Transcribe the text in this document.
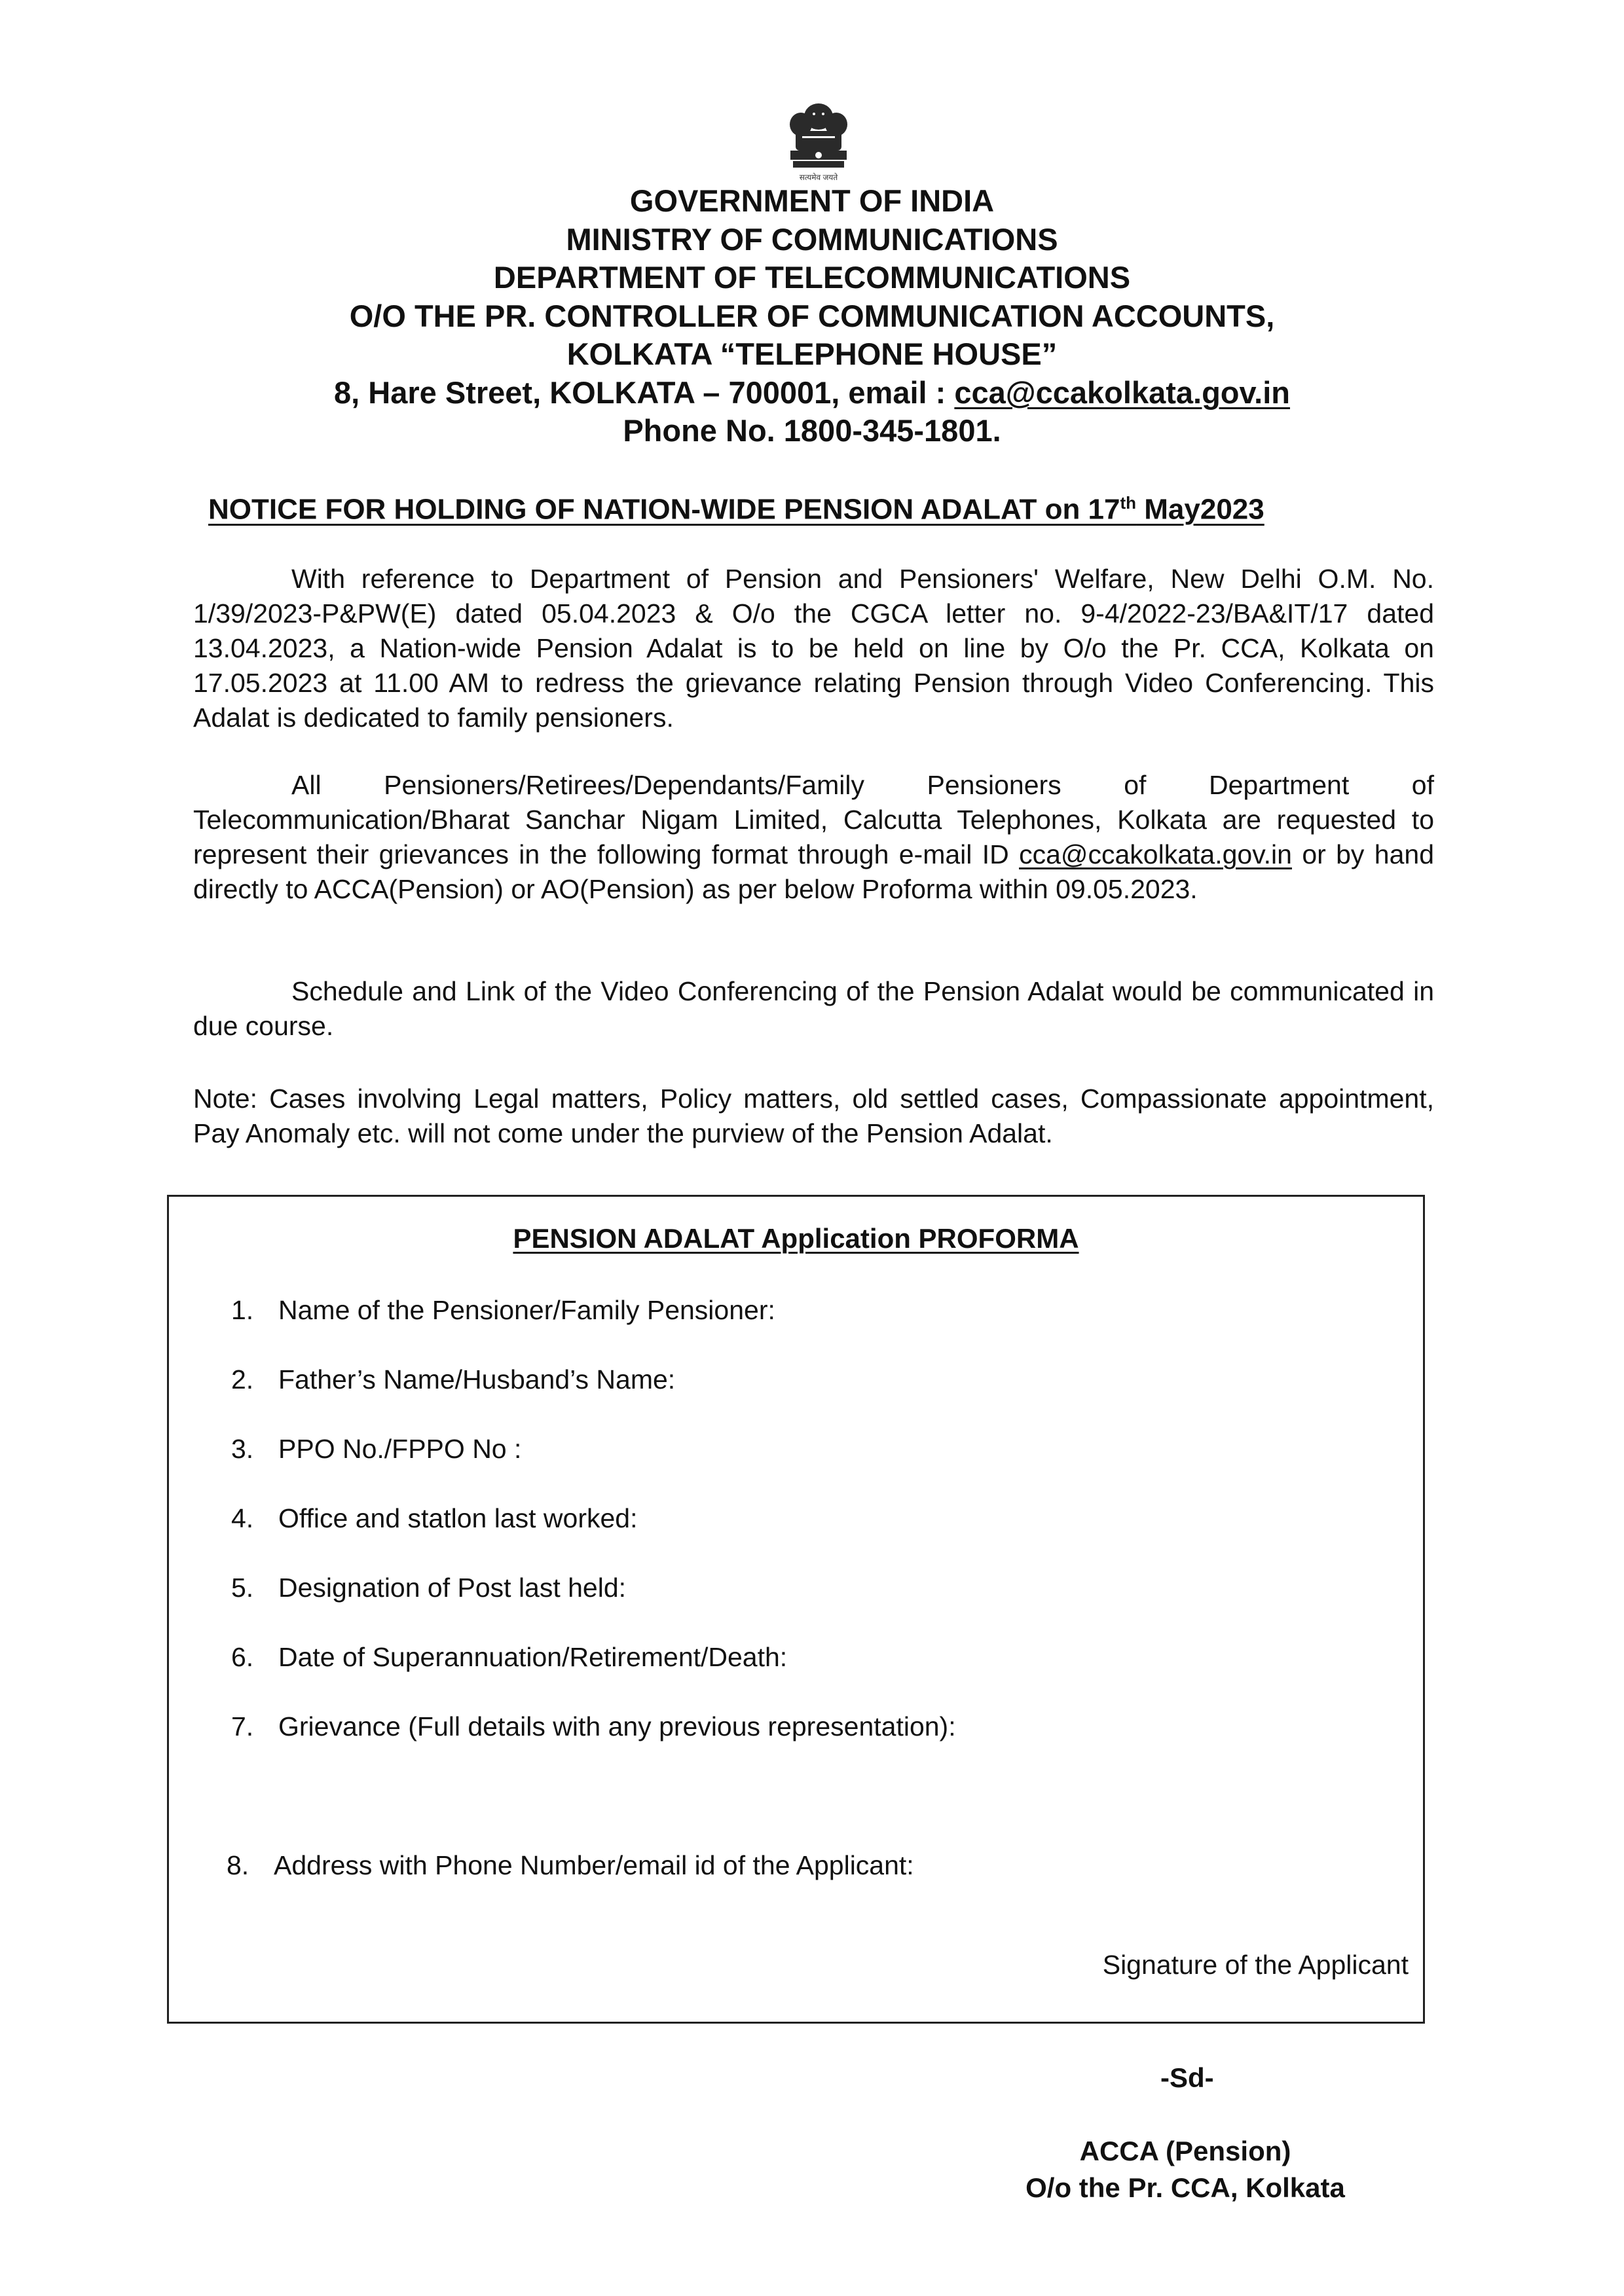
सत्यमेव जयते
GOVERNMENT OF INDIA
MINISTRY OF COMMUNICATIONS
DEPARTMENT OF TELECOMMUNICATIONS
O/O THE PR. CONTROLLER OF COMMUNICATION ACCOUNTS,
KOLKATA “TELEPHONE HOUSE”
8, Hare Street, KOLKATA – 700001, email : cca@ccakolkata.gov.in
Phone No. 1800-345-1801.
NOTICE FOR HOLDING OF NATION-WIDE PENSION ADALAT on 17th May2023
With reference to Department of Pension and Pensioners' Welfare, New Delhi O.M. No. 1/39/2023-P&PW(E) dated 05.04.2023 & O/o the CGCA letter no. 9-4/2022-23/BA&IT/17 dated 13.04.2023, a Nation-wide Pension Adalat is to be held on line by O/o the Pr. CCA, Kolkata on 17.05.2023 at 11.00 AM to redress the grievance relating Pension through Video Conferencing. This Adalat is dedicated to family pensioners.
All Pensioners/Retirees/Dependants/Family Pensioners of Department of Telecommunication/Bharat Sanchar Nigam Limited, Calcutta Telephones, Kolkata are requested to represent their grievances in the following format through e-mail ID cca@ccakolkata.gov.in or by hand directly to ACCA(Pension) or AO(Pension) as per below Proforma within 09.05.2023.
Schedule and Link of the Video Conferencing of the Pension Adalat would be communicated in due course.
Note: Cases involving Legal matters, Policy matters, old settled cases, Compassionate appointment, Pay Anomaly etc. will not come under the purview of the Pension Adalat.
PENSION ADALAT Application PROFORMA
1. Name of the Pensioner/Family Pensioner:
2. Father’s Name/Husband’s Name:
3. PPO No./FPPO No :
4. Office and statlon last worked:
5. Designation of Post last held:
6. Date of Superannuation/Retirement/Death:
7. Grievance (Full details with any previous representation):
8. Address with Phone Number/email id of the Applicant:
Signature of the Applicant
-Sd-
ACCA (Pension)
O/o the Pr. CCA, Kolkata
